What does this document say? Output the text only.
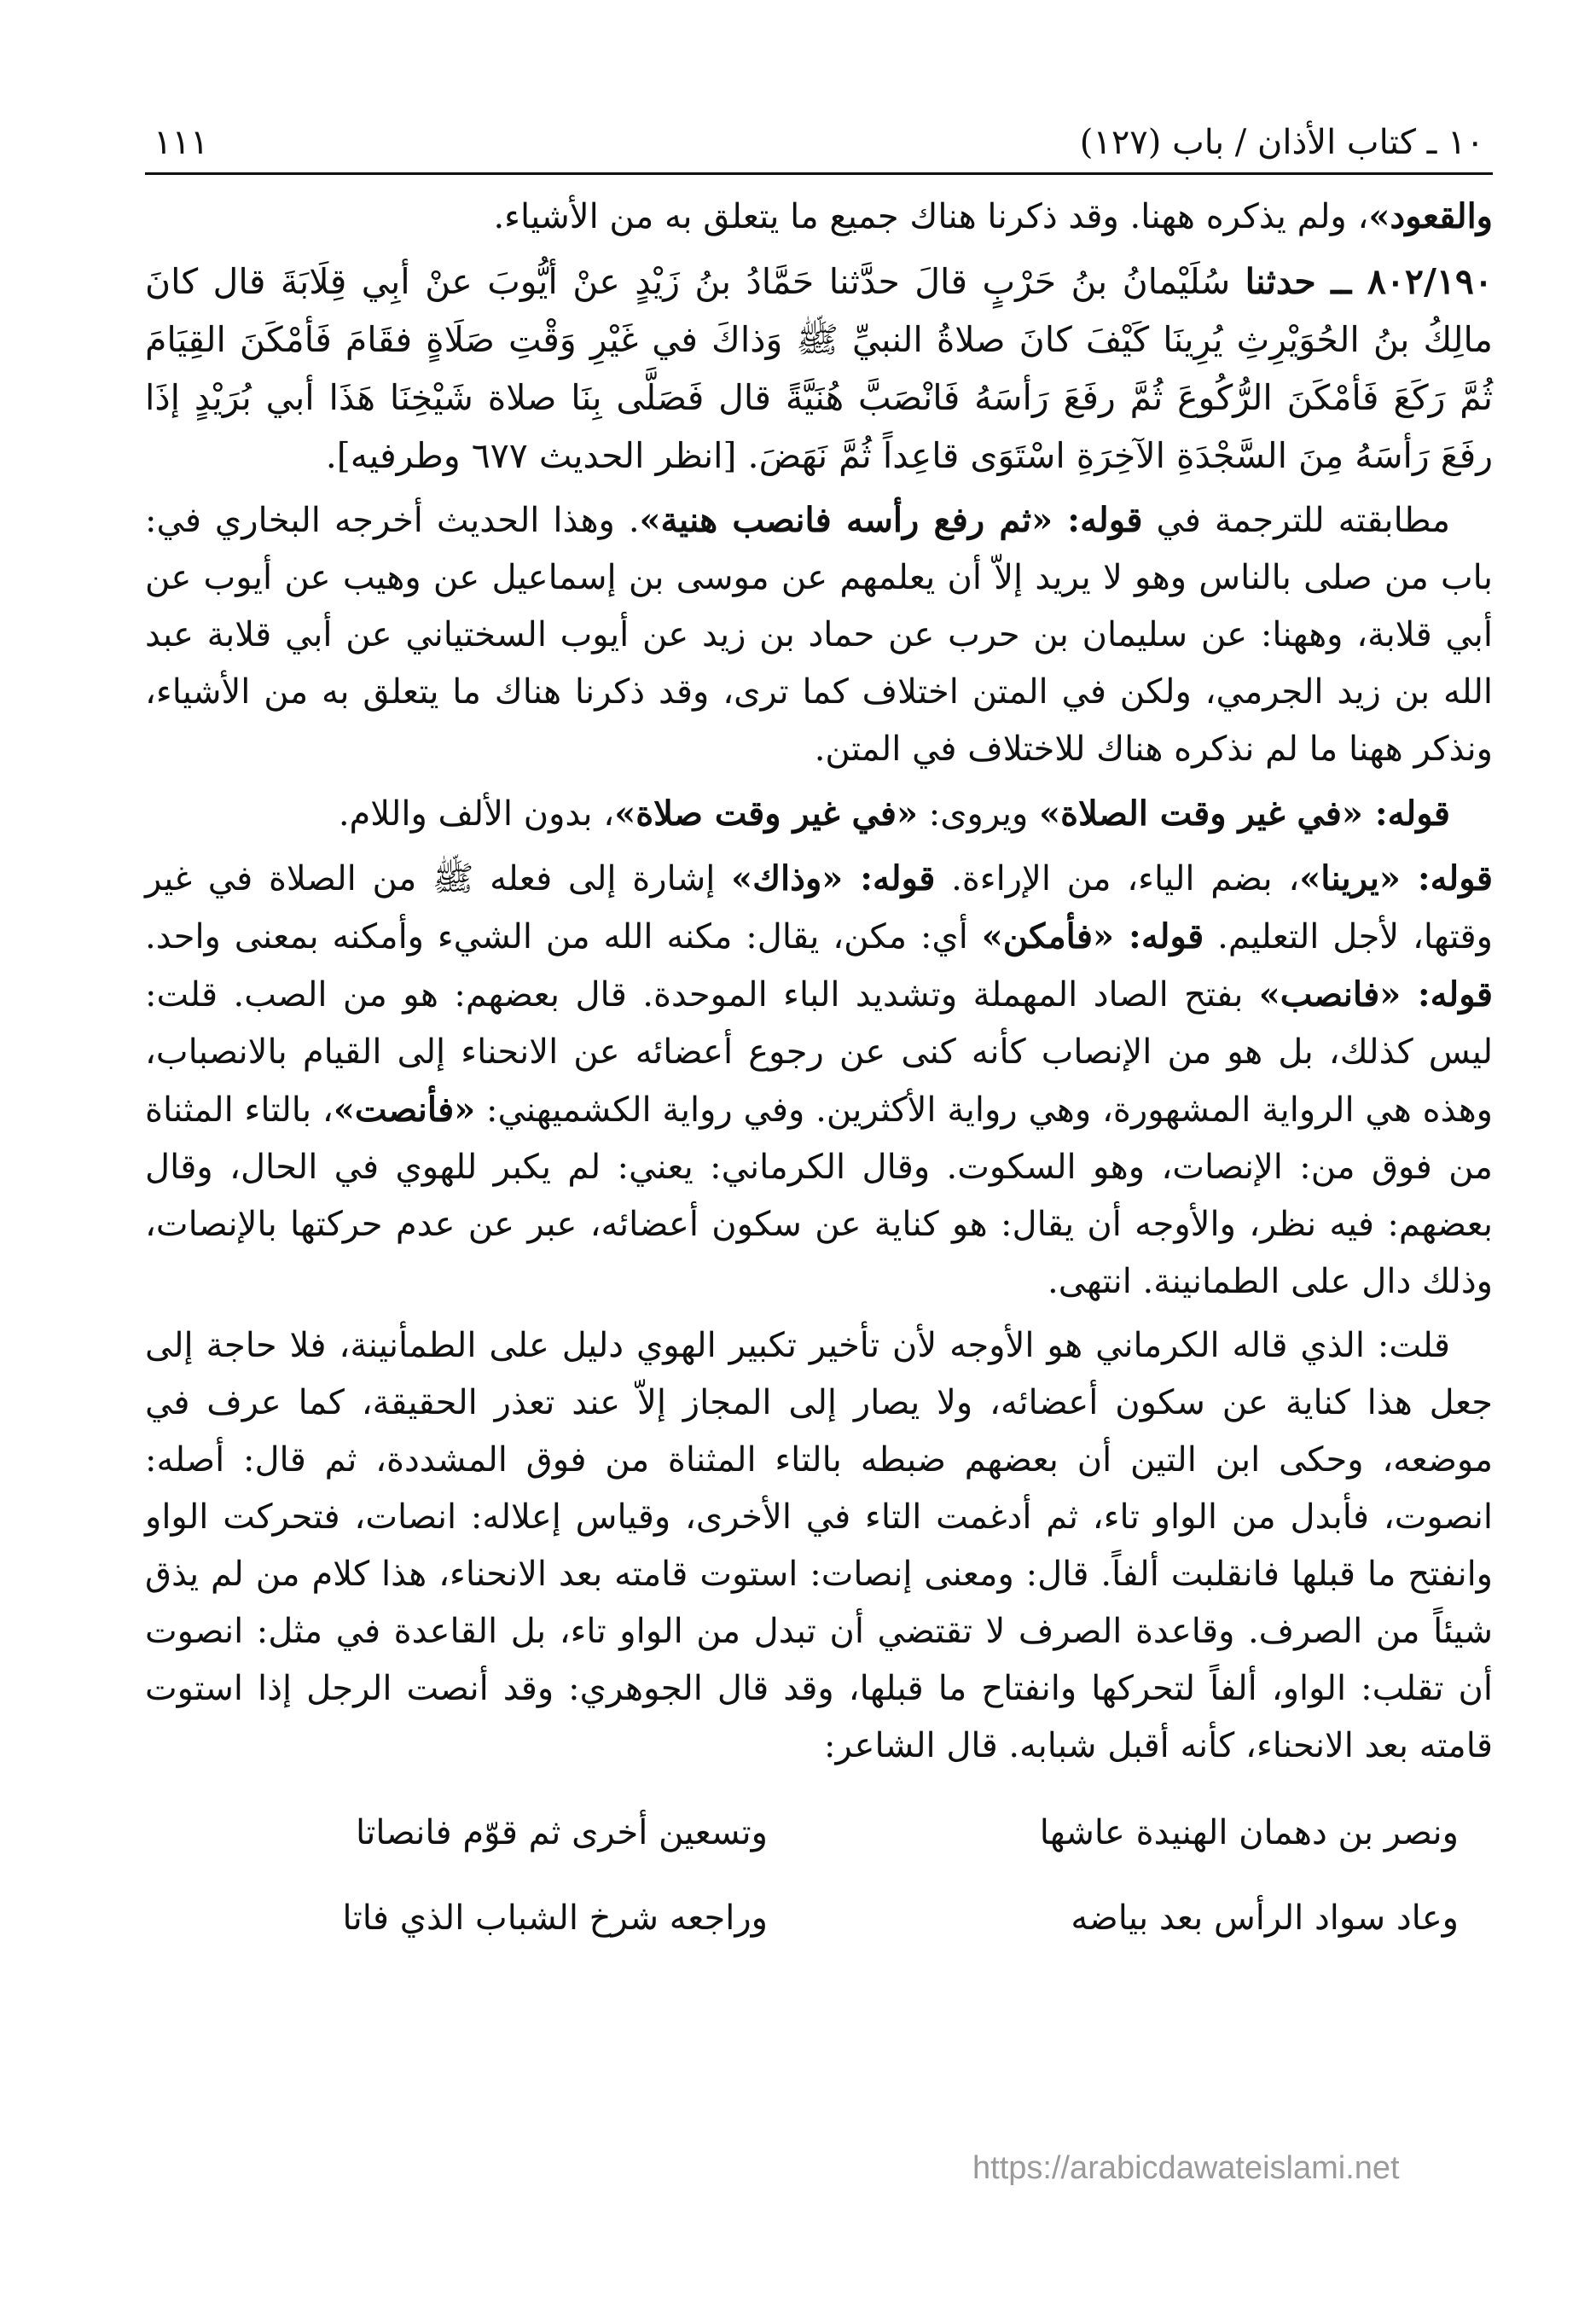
١٠ ـ كتاب الأذان / باب (١٢٧)
١١١

والقعود»، ولم يذكره ههنا. وقد ذكرنا هناك جميع ما يتعلق به من الأشياء.

٨٠٢/١٩٠ ــ حدثنا سُلَيْمانُ بنُ حَرْبٍ قالَ حدَّثنا حَمَّادُ بنُ زَيْدٍ عنْ أيُّوبَ عنْ أبِي قِلَابَةَ قال كانَ مالِكُ بنُ الحُوَيْرِثِ يُرِينَا كَيْفَ كانَ صلاةُ النبيِّ ﷺ وَذاكَ في غَيْرِ وَقْتِ صَلَاةٍ فقَامَ فَأمْكَنَ القِيَامَ ثُمَّ رَكَعَ فَأمْكَنَ الرُّكُوعَ ثُمَّ رفَعَ رَأسَهُ فَانْصَبَّ هُنَيَّةً قال فَصَلَّى بِنَا صلاة شَيْخِنَا هَذَا أبي بُرَيْدٍ إذَا رفَعَ رَأسَهُ مِنَ السَّجْدَةِ الآخِرَةِ اسْتَوَى قاعِداً ثُمَّ نَهَضَ. [انظر الحديث ٦٧٧ وطرفيه].

مطابقته للترجمة في قوله: «ثم رفع رأسه فانصب هنية». وهذا الحديث أخرجه البخاري في: باب من صلى بالناس وهو لا يريد إلاّ أن يعلمهم عن موسى بن إسماعيل عن وهيب عن أيوب عن أبي قلابة، وههنا: عن سليمان بن حرب عن حماد بن زيد عن أيوب السختياني عن أبي قلابة عبد الله بن زيد الجرمي، ولكن في المتن اختلاف كما ترى، وقد ذكرنا هناك ما يتعلق به من الأشياء، ونذكر ههنا ما لم نذكره هناك للاختلاف في المتن.

قوله: «في غير وقت الصلاة» ويروى: «في غير وقت صلاة»، بدون الألف واللام.

قوله: «يرينا»، بضم الياء، من الإراءة. قوله: «وذاك» إشارة إلى فعله ﷺ من الصلاة في غير وقتها، لأجل التعليم. قوله: «فأمكن» أي: مكن، يقال: مكنه الله من الشيء وأمكنه بمعنى واحد. قوله: «فانصب» بفتح الصاد المهملة وتشديد الباء الموحدة. قال بعضهم: هو من الصب. قلت: ليس كذلك، بل هو من الإنصاب كأنه كنى عن رجوع أعضائه عن الانحناء إلى القيام بالانصباب، وهذه هي الرواية المشهورة، وهي رواية الأكثرين. وفي رواية الكشميهني: «فأنصت»، بالتاء المثناة من فوق من: الإنصات، وهو السكوت. وقال الكرماني: يعني: لم يكبر للهوي في الحال، وقال بعضهم: فيه نظر، والأوجه أن يقال: هو كناية عن سكون أعضائه، عبر عن عدم حركتها بالإنصات، وذلك دال على الطمانينة. انتهى.

قلت: الذي قاله الكرماني هو الأوجه لأن تأخير تكبير الهوي دليل على الطمأنينة، فلا حاجة إلى جعل هذا كناية عن سكون أعضائه، ولا يصار إلى المجاز إلاّ عند تعذر الحقيقة، كما عرف في موضعه، وحكى ابن التين أن بعضهم ضبطه بالتاء المثناة من فوق المشددة، ثم قال: أصله: انصوت، فأبدل من الواو تاء، ثم أدغمت التاء في الأخرى، وقياس إعلاله: انصات، فتحركت الواو وانفتح ما قبلها فانقلبت ألفاً. قال: ومعنى إنصات: استوت قامته بعد الانحناء، هذا كلام من لم يذق شيئاً من الصرف. وقاعدة الصرف لا تقتضي أن تبدل من الواو تاء، بل القاعدة في مثل: انصوت أن تقلب: الواو، ألفاً لتحركها وانفتاح ما قبلها، وقد قال الجوهري: وقد أنصت الرجل إذا استوت قامته بعد الانحناء، كأنه أقبل شبابه. قال الشاعر:

ونصر بن دهمان الهنيدة عاشها
وتسعين أخرى ثم قوّم فانصاتا
وعاد سواد الرأس بعد بياضه
وراجعه شرخ الشباب الذي فاتا
https://arabicdawateislami.net
